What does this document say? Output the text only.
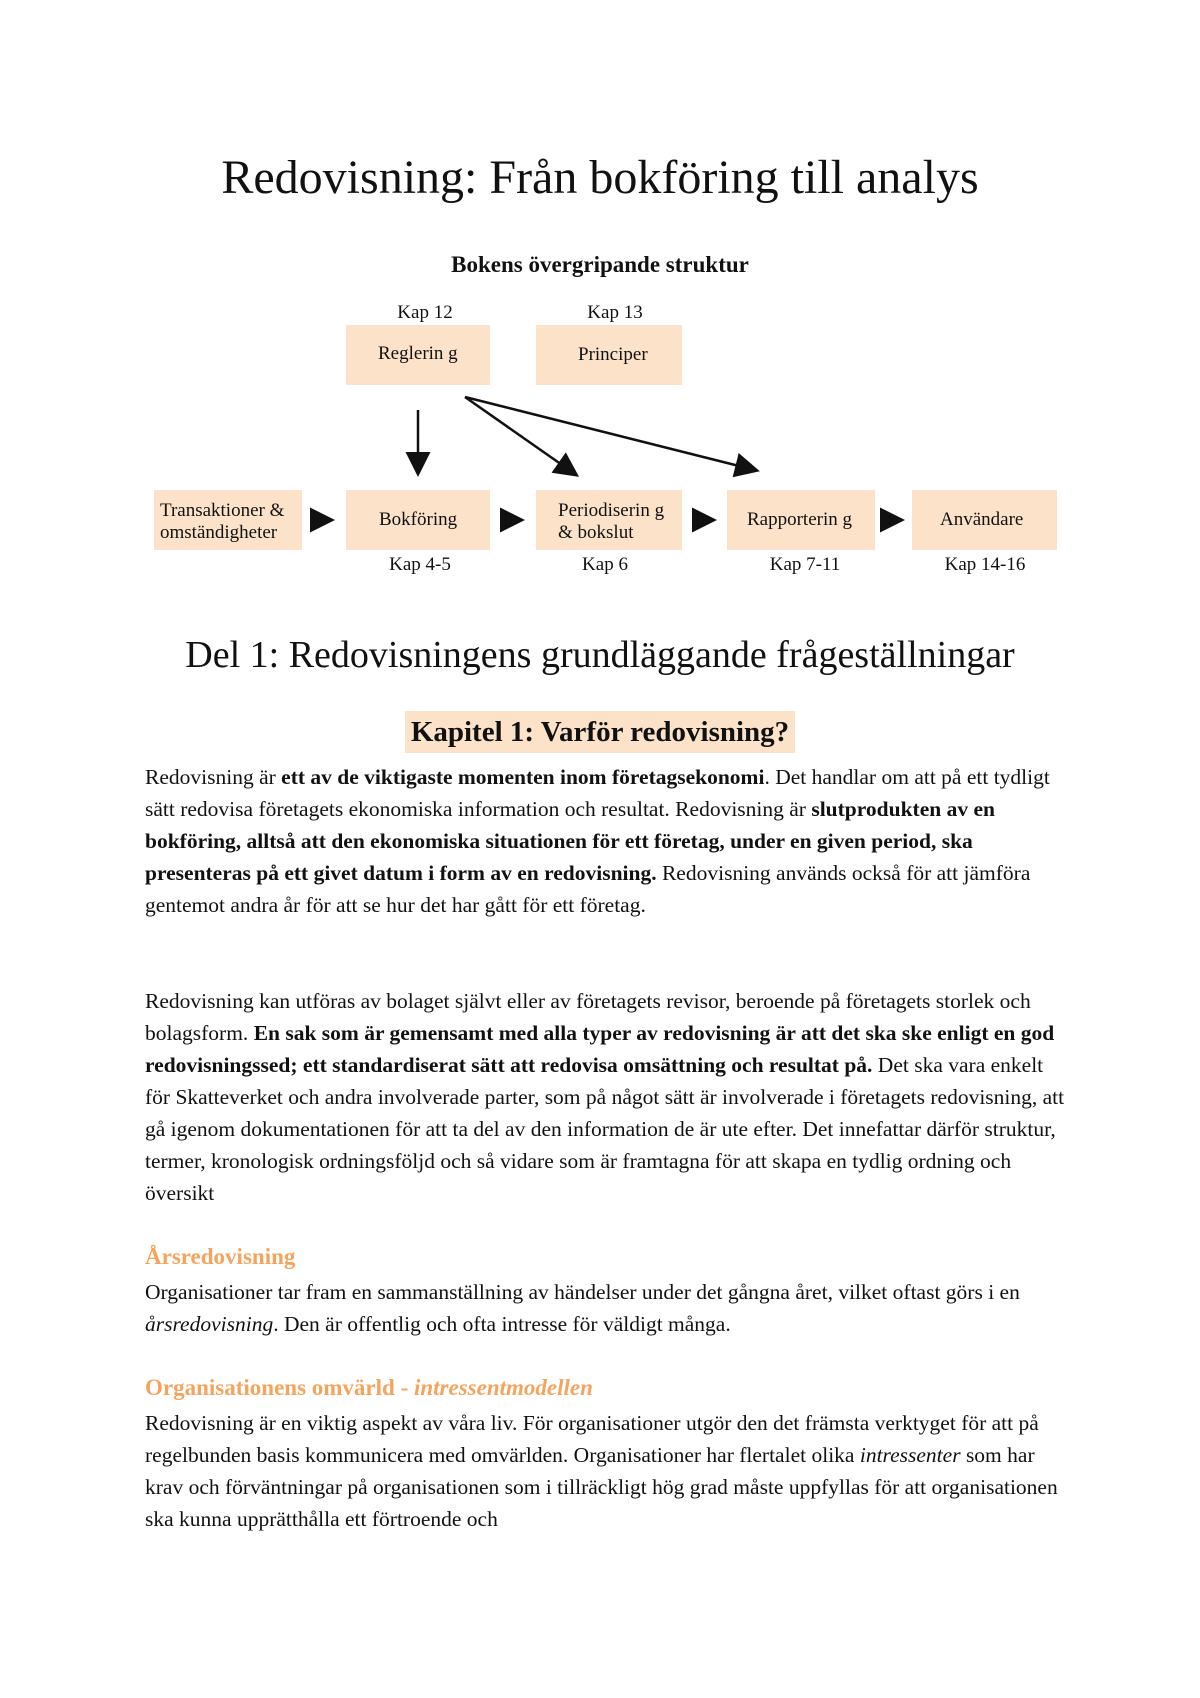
Redovisning: Från bokföring till analys
Bokens övergripande struktur
Kap 12	Kap 13
Reglerin g	Principer
Transaktioner & omständigheter
Bokföring	Periodiserin g & bokslut
Rapporterin g	Användare
Kap 4-5	Kap 6	Kap 7-11	Kap 14-16
Del 1: Redovisningens grundläggande frågeställningar
Kapitel 1: Varför redovisning?

Redovisning är ett av de viktigaste momenten inom företagsekonomi. Det handlar om att på ett tydligt sätt redovisa företagets ekonomiska information och resultat. Redovisning är slutprodukten av en bokföring, alltså att den ekonomiska situationen för ett företag, under en given period, ska presenteras på ett givet datum i form av en redovisning. Redovisning används också för att jämföra gentemot andra år för att se hur det har gått för ett företag.

Redovisning kan utföras av bolaget självt eller av företagets revisor, beroende på företagets storlek och bolagsform. En sak som är gemensamt med alla typer av redovisning är att det ska ske enligt en god redovisningssed; ett standardiserat sätt att redovisa omsättning och resultat på. Det ska vara enkelt för Skatteverket och andra involverade parter, som på något sätt är involverade i företagets redovisning, att gå igenom dokumentationen för att ta del av den information de är ute efter. Det innefattar därför struktur, termer, kronologisk ordningsföljd och så vidare som är framtagna för att skapa en tydlig ordning och översikt

Årsredovisning

Organisationer tar fram en sammanställning av händelser under det gångna året, vilket oftast görs i en årsredovisning. Den är offentlig och ofta intresse för väldigt många.

Organisationens omvärld - intressentmodellen

Redovisning är en viktig aspekt av våra liv. För organisationer utgör den det främsta verktyget för att på regelbunden basis kommunicera med omvärlden. Organisationer har flertalet olika intressenter som har krav och förväntningar på organisationen som i tillräckligt hög grad måste uppfyllas för att organisationen ska kunna upprätthålla ett förtroende och
